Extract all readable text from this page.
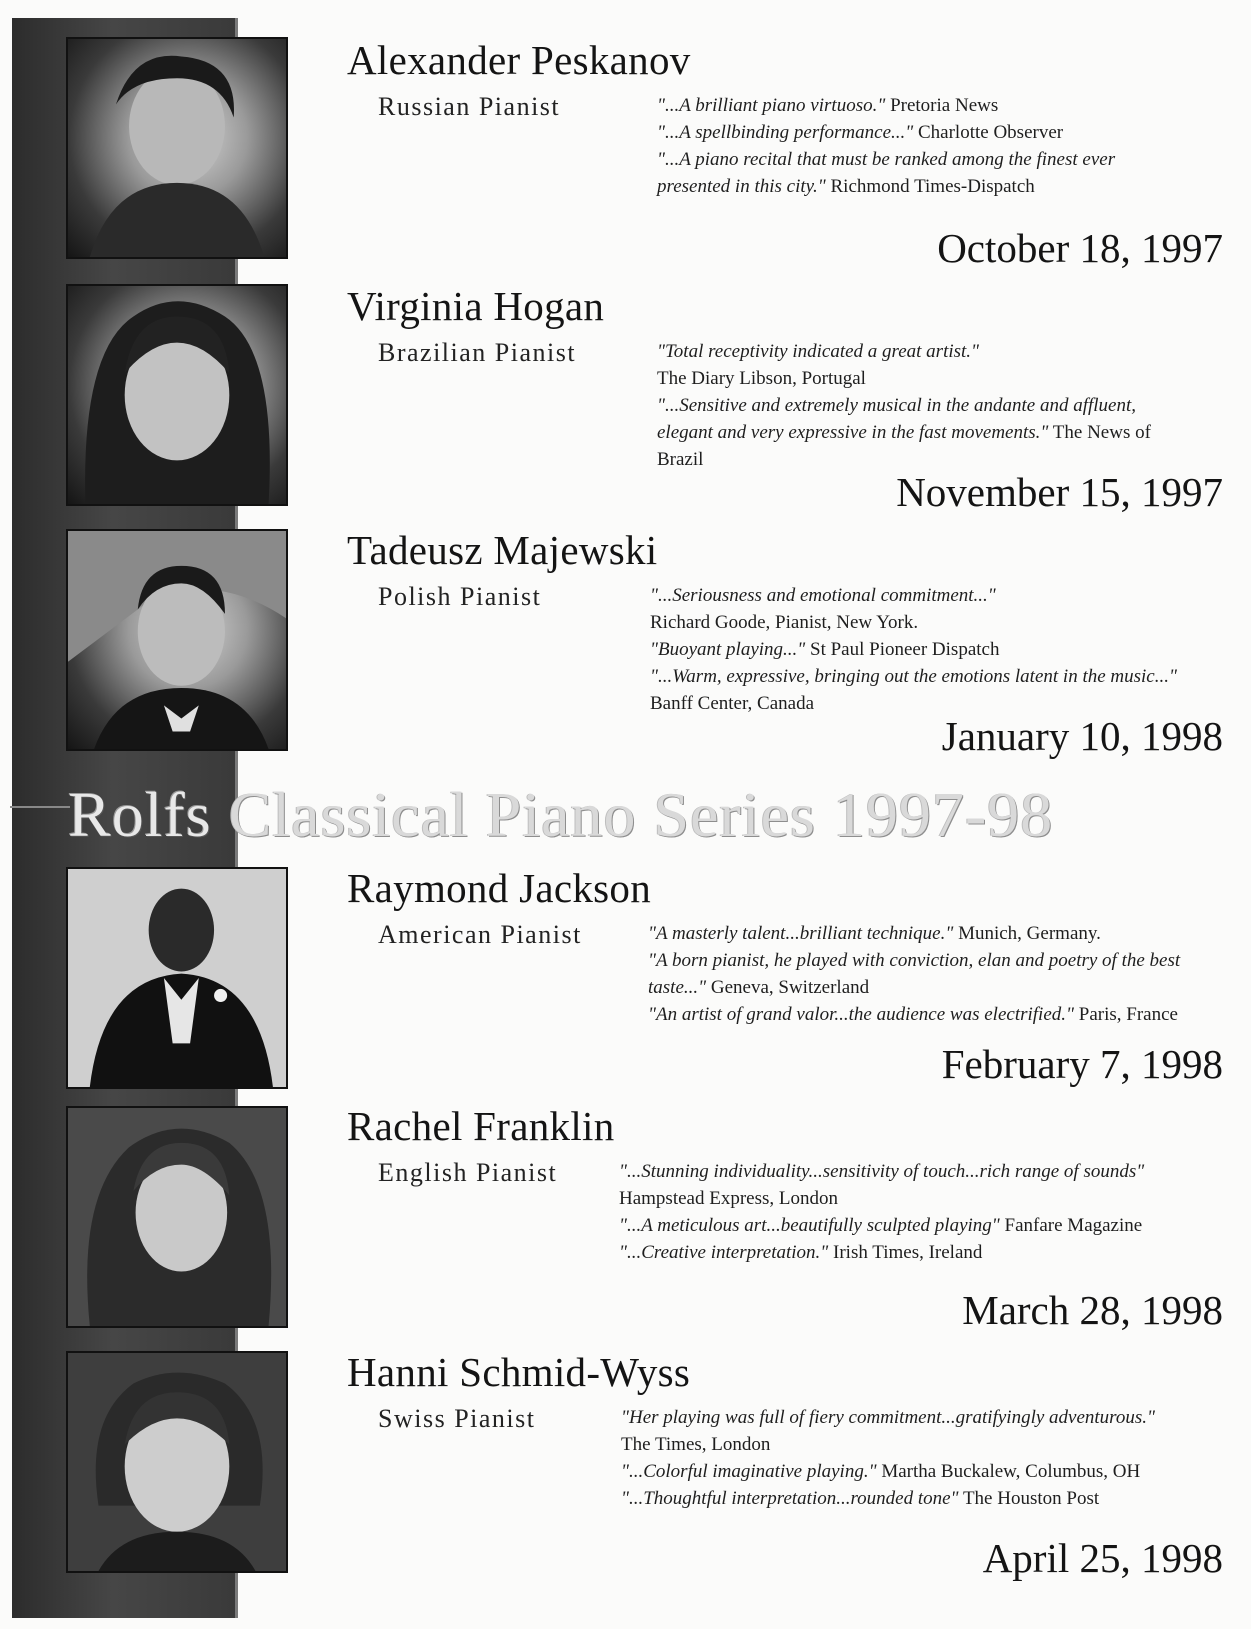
Alexander Peskanov
Russian Pianist	"...A brilliant piano virtuoso." Pretoria News
"...A spellbinding performance..." Charlotte Observer
"...A piano recital that must be ranked among the finest ever
presented in this city." Richmond Times-Dispatch
October 18, 1997
Virginia Hogan
Brazilian Pianist	"Total receptivity indicated a great artist."
The Diary Libson, Portugal
"...Sensitive and extremely musical in the andante and affluent,
elegant and very expressive in the fast movements." The News of
Brazil
November 15, 1997
Tadeusz Majewski
Polish Pianist	"...Seriousness and emotional commitment..."
Richard Goode, Pianist, New York.
"Buoyant playing..." St Paul Pioneer Dispatch
"...Warm, expressive, bringing out the emotions latent in the music..."
Banff Center, Canada
January 10, 1998
Rolfs Classical Piano Series 1997-98
Raymond Jackson
American Pianist	"A masterly talent...brilliant technique." Munich, Germany.
"A born pianist, he played with conviction, elan and poetry of the best
taste..." Geneva, Switzerland
"An artist of grand valor...the audience was electrified." Paris, France
February 7, 1998
Rachel Franklin
English Pianist	"...Stunning individuality...sensitivity of touch...rich range of sounds"
Hampstead Express, London
"...A meticulous art...beautifully sculpted playing" Fanfare Magazine
"...Creative interpretation." Irish Times, Ireland
March 28, 1998
Hanni Schmid-Wyss
Swiss Pianist	"Her playing was full of fiery commitment...gratifyingly adventurous."
The Times, London
"...Colorful imaginative playing." Martha Buckalew, Columbus, OH
"...Thoughtful interpretation...rounded tone" The Houston Post
April 25, 1998
